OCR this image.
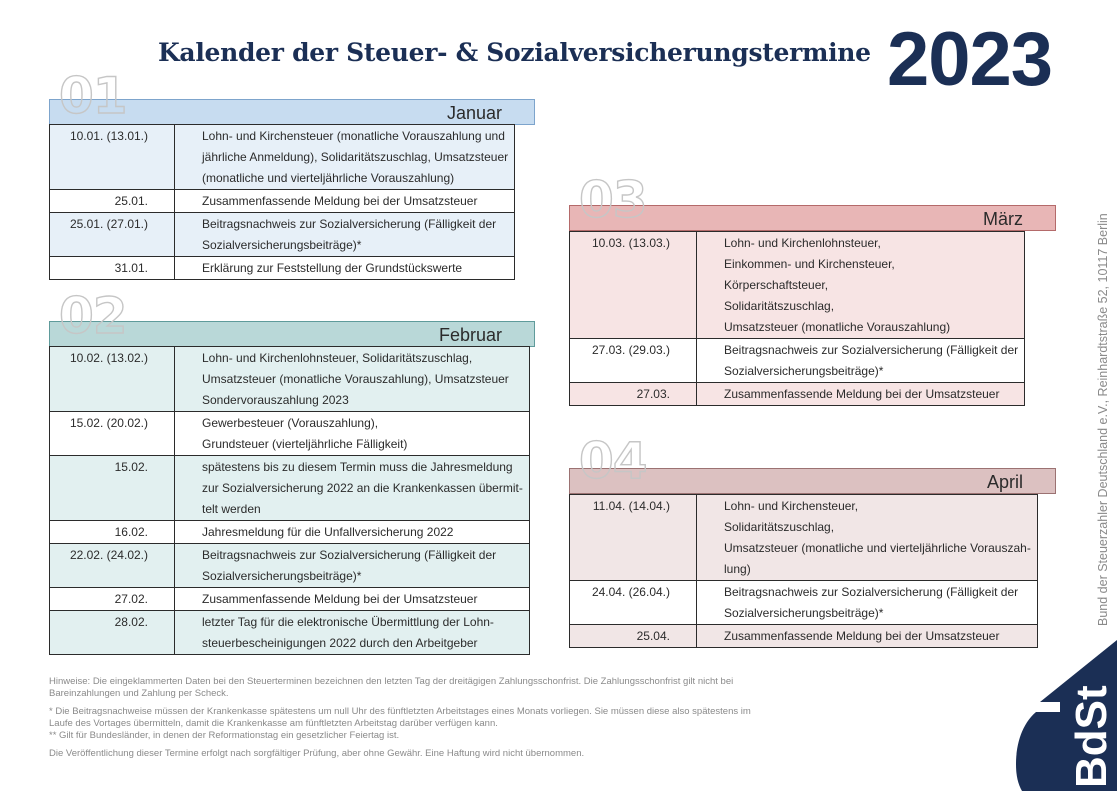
Kalender der Steuer- & Sozialversicherungstermine 2023
Bund der Steuerzahler Deutschland e.V., Reinhardtstraße 52, 10117 Berlin
01	Januar
10.01. (13.01.)	Lohn- und Kirchensteuer (monatliche Vorauszahlung und
jährliche Anmeldung), Solidaritätszuschlag, Umsatzsteuer
(monatliche und vierteljährliche Vorauszahlung)
25.01.	Zusammenfassende Meldung bei der Umsatzsteuer
25.01. (27.01.)	Beitragsnachweis zur Sozialversicherung (Fälligkeit der
Sozialversicherungsbeiträge)*
31.01.	Erklärung zur Feststellung der Grundstückswerte
02	Februar
10.02. (13.02.)	Lohn- und Kirchenlohnsteuer, Solidaritätszuschlag,
Umsatzsteuer (monatliche Vorauszahlung), Umsatzsteuer
Sondervorauszahlung 2023
15.02. (20.02.)	Gewerbesteuer (Vorauszahlung),
Grundsteuer (vierteljährliche Fälligkeit)
15.02.	spätestens bis zu diesem Termin muss die Jahresmeldung
zur Sozialversicherung 2022 an die Krankenkassen übermit-
telt werden
16.02.	Jahresmeldung für die Unfallversicherung 2022
22.02. (24.02.)	Beitragsnachweis zur Sozialversicherung (Fälligkeit der
Sozialversicherungsbeiträge)*
27.02.	Zusammenfassende Meldung bei der Umsatzsteuer
28.02.	letzter Tag für die elektronische Übermittlung der Lohn-
steuerbescheinigungen 2022 durch den Arbeitgeber
03	März
10.03. (13.03.)	Lohn- und Kirchenlohnsteuer,
Einkommen- und Kirchensteuer,
Körperschaftsteuer,
Solidaritätszuschlag,
Umsatzsteuer (monatliche Vorauszahlung)
27.03. (29.03.)	Beitragsnachweis zur Sozialversicherung (Fälligkeit der
Sozialversicherungsbeiträge)*
27.03.	Zusammenfassende Meldung bei der Umsatzsteuer
04	April
11.04. (14.04.)	Lohn- und Kirchensteuer,
Solidaritätszuschlag,
Umsatzsteuer (monatliche und vierteljährliche Vorauszah-
lung)
24.04. (26.04.)	Beitragsnachweis zur Sozialversicherung (Fälligkeit der
Sozialversicherungsbeiträge)*
25.04.	Zusammenfassende Meldung bei der Umsatzsteuer

Hinweise: Die eingeklammerten Daten bei den Steuerterminen bezeichnen den letzten Tag der dreitägigen Zahlungsschonfrist. Die Zahlungsschonfrist gilt nicht bei
Bareinzahlungen und Zahlung per Scheck.

* Die Beitragsnachweise müssen der Krankenkasse spätestens um null Uhr des fünftletzten Arbeitstages eines Monats vorliegen. Sie müssen diese also spätestens im
Laufe des Vortages übermitteln, damit die Krankenkasse am fünftletzten Arbeitstag darüber verfügen kann.
** Gilt für Bundesländer, in denen der Reformationstag ein gesetzlicher Feiertag ist.

Die Veröffentlichung dieser Termine erfolgt nach sorgfältiger Prüfung, aber ohne Gewähr. Eine Haftung wird nicht übernommen.	BdSt
